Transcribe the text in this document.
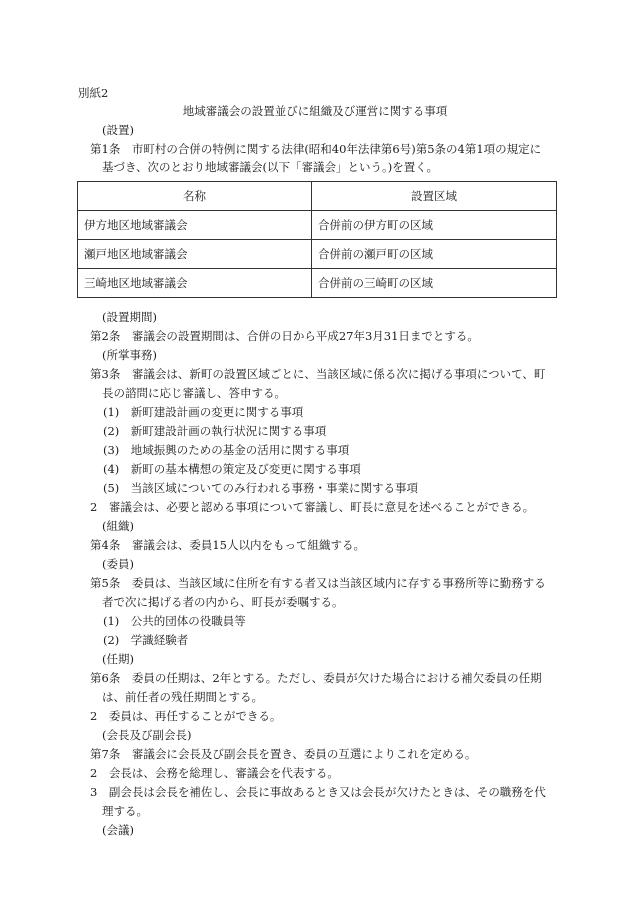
別紙2
地域審議会の設置並びに組織及び運営に関する事項
(設置)
第1条　市町村の合併の特例に関する法律(昭和40年法律第6号)第5条の4第1項の規定に
基づき、次のとおり地域審議会(以下「審議会」という。)を置く。
名称	設置区域
伊方地区地域審議会	合併前の伊方町の区域
瀬戸地区地域審議会	合併前の瀬戸町の区域
三崎地区地域審議会	合併前の三崎町の区域
(設置期間)
第2条　審議会の設置期間は、合併の日から平成27年3月31日までとする。
(所掌事務)
第3条　審議会は、新町の設置区域ごとに、当該区域に係る次に掲げる事項について、町
長の諮問に応じ審議し、答申する。
(1)　新町建設計画の変更に関する事項
(2)　新町建設計画の執行状況に関する事項
(3)　地域振興のための基金の活用に関する事項
(4)　新町の基本構想の策定及び変更に関する事項
(5)　当該区域についてのみ行われる事務・事業に関する事項
2　審議会は、必要と認める事項について審議し、町長に意見を述べることができる。
(組織)
第4条　審議会は、委員15人以内をもって組織する。
(委員)
第5条　委員は、当該区域に住所を有する者又は当該区域内に存する事務所等に勤務する
者で次に掲げる者の内から、町長が委嘱する。
(1)　公共的団体の役職員等
(2)　学識経験者
(任期)
第6条　委員の任期は、2年とする。ただし、委員が欠けた場合における補欠委員の任期
は、前任者の残任期間とする。
2　委員は、再任することができる。
(会長及び副会長)
第7条　審議会に会長及び副会長を置き、委員の互選によりこれを定める。
2　会長は、会務を総理し、審議会を代表する。
3　副会長は会長を補佐し、会長に事故あるとき又は会長が欠けたときは、その職務を代
理する。
(会議)
